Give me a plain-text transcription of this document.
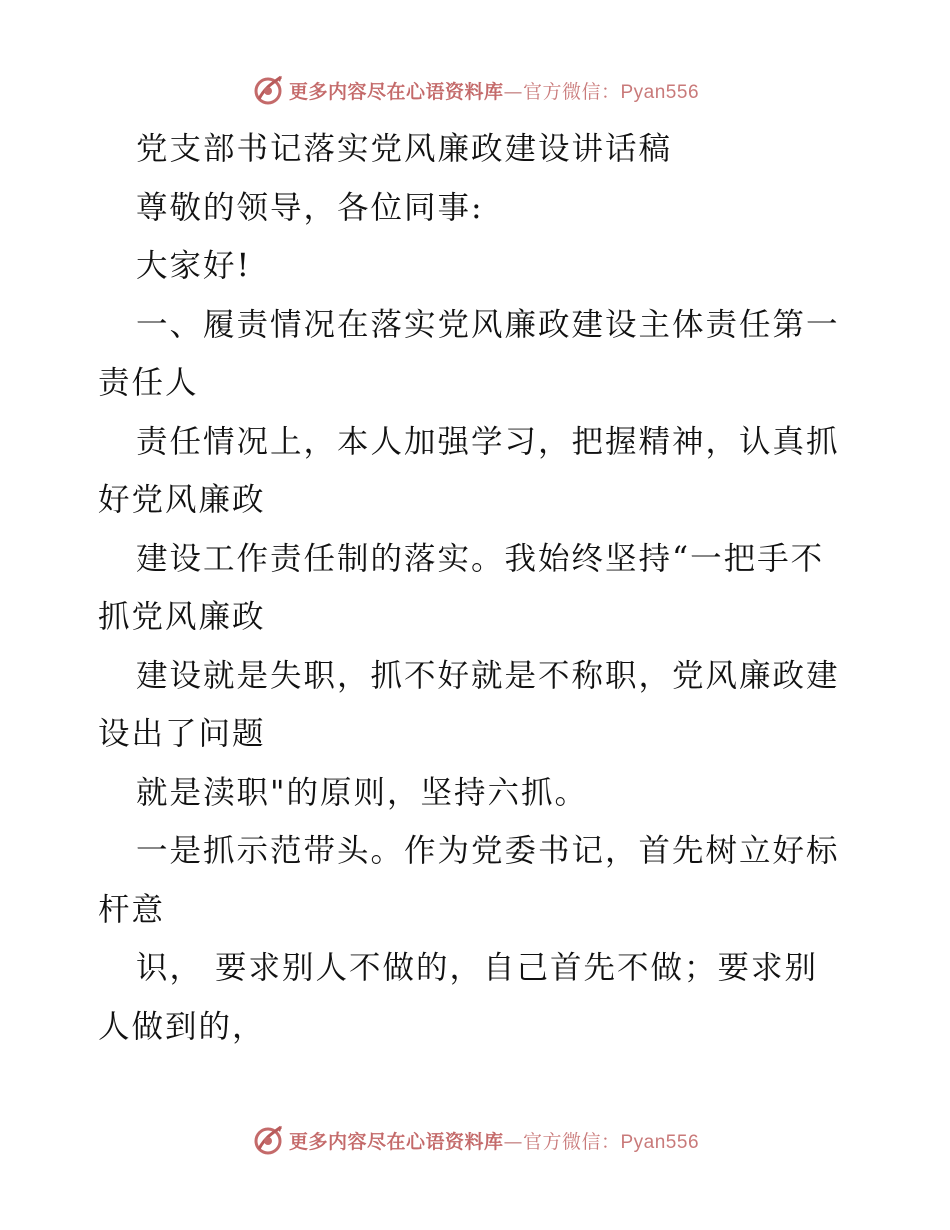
更多内容尽在心语资料库—官方微信：Pyan556
党支部书记落实党风廉政建设讲话稿
尊敬的领导，各位同事:
大家好!
一、履责情况在落实党风廉政建设主体责任第一
责任人
责任情况上，本人加强学习，把握精神，认真抓
好党风廉政
建设工作责任制的落实。我始终坚持“一把手不
抓党风廉政
建设就是失职，抓不好就是不称职，党风廉政建
设出了问题
就是渎职"的原则，坚持六抓。
一是抓示范带头。作为党委书记，首先树立好标
杆意
识， 要求别人不做的，自己首先不做；要求别
人做到的，
更多内容尽在心语资料库—官方微信：Pyan556
